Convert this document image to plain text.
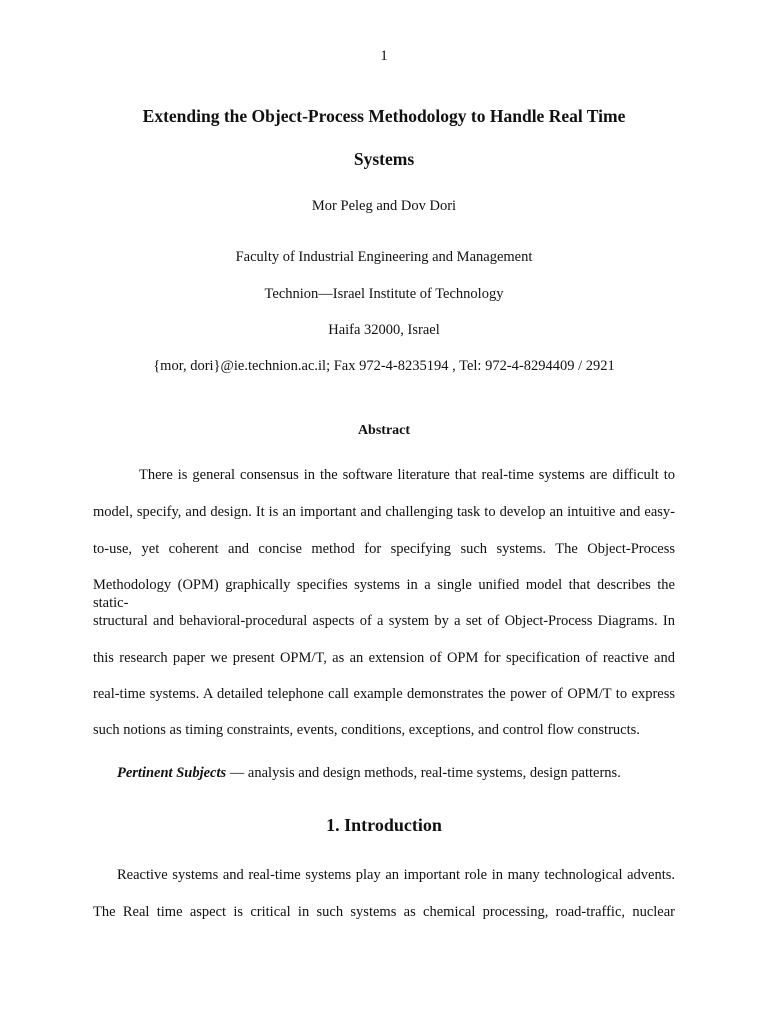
1
Extending the Object-Process Methodology to Handle Real Time
Systems
Mor Peleg and Dov Dori
Faculty of Industrial Engineering and Management
Technion—Israel Institute of Technology
Haifa 32000, Israel
{mor, dori}@ie.technion.ac.il; Fax 972-4-8235194 , Tel: 972-4-8294409 / 2921
Abstract
There is general consensus in the software literature that real-time systems are difficult to
model, specify, and design. It is an important and challenging task to develop an intuitive and easy-
to-use, yet coherent and concise method for specifying such systems. The Object-Process
Methodology (OPM) graphically specifies systems in a single unified model that describes the static-
structural and behavioral-procedural aspects of a system by a set of Object-Process Diagrams. In
this research paper we present OPM/T, as an extension of OPM for specification of reactive and
real-time systems. A detailed telephone call example demonstrates the power of OPM/T to express
such notions as timing constraints, events, conditions, exceptions, and control flow constructs.
Pertinent Subjects — analysis and design methods, real-time systems, design patterns.
1. Introduction
Reactive systems and real-time systems play an important role in many technological advents.
The Real time aspect is critical in such systems as chemical processing, road-traffic, nuclear
